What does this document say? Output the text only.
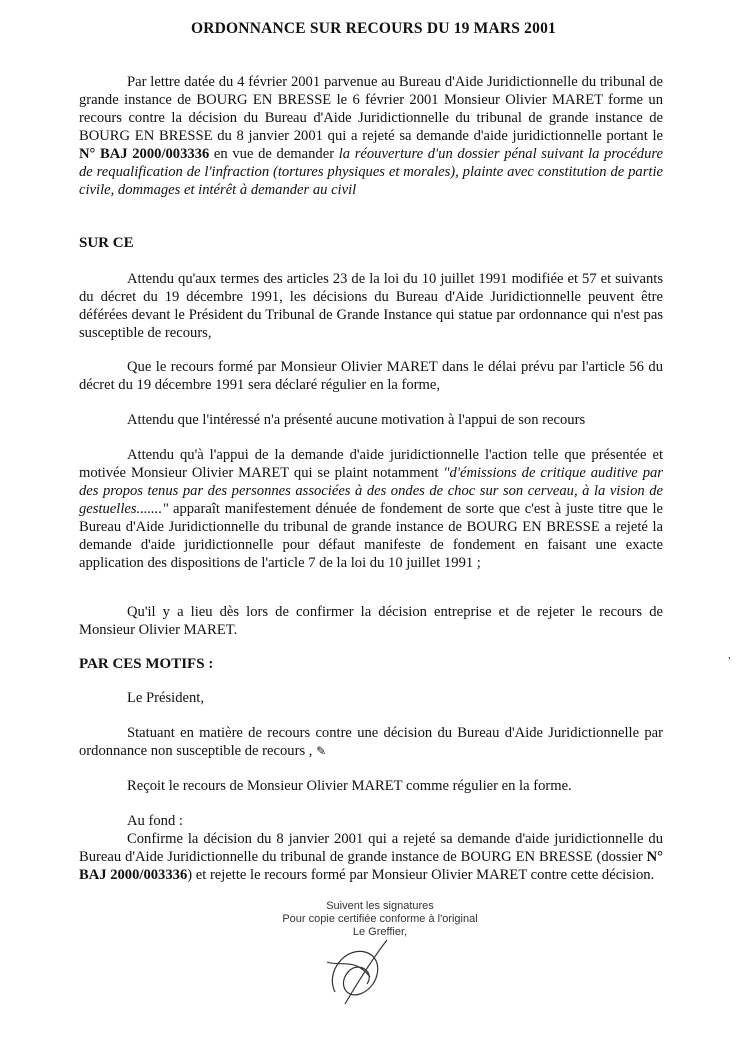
ORDONNANCE SUR RECOURS DU 19 MARS 2001

Par lettre datée du 4 février 2001 parvenue au Bureau d'Aide Juridictionnelle du tribunal de grande instance de BOURG EN BRESSE le 6 février 2001 Monsieur Olivier MARET forme un recours contre la décision du Bureau d'Aide Juridictionnelle du tribunal de grande instance de BOURG EN BRESSE du 8 janvier 2001 qui a rejeté sa demande d'aide juridictionnelle portant le N° BAJ 2000/003336 en vue de demander la réouverture d'un dossier pénal suivant la procédure de requalification de l'infraction (tortures physiques et morales), plainte avec constitution de partie civile, dommages et intérêt à demander au civil

SUR CE

Attendu qu'aux termes des articles 23 de la loi du 10 juillet 1991 modifiée et 57 et suivants du décret du 19 décembre 1991, les décisions du Bureau d'Aide Juridictionnelle peuvent être déférées devant le Président du Tribunal de Grande Instance qui statue par ordonnance qui n'est pas susceptible de recours,

Que le recours formé par Monsieur Olivier MARET dans le délai prévu par l'article 56 du décret du 19 décembre 1991 sera déclaré régulier en la forme,

Attendu que l'intéressé n'a présenté aucune motivation à l'appui de son recours

Attendu qu'à l'appui de la demande d'aide juridictionnelle l'action telle que présentée et motivée Monsieur Olivier MARET qui se plaint notamment "d'émissions de critique auditive par des propos tenus par des personnes associées à des ondes de choc sur son cerveau, à la vision de gestuelles......." apparaît manifestement dénuée de fondement de sorte que c'est à juste titre que le Bureau d'Aide Juridictionnelle du tribunal de grande instance de BOURG EN BRESSE a rejeté la demande d'aide juridictionnelle pour défaut manifeste de fondement en faisant une exacte application des dispositions de l'article 7 de la loi du 10 juillet 1991 ;

Qu'il y a lieu dès lors de confirmer la décision entreprise et de rejeter le recours de Monsieur Olivier MARET.

PAR CES MOTIFS :

Le Président,

Statuant en matière de recours contre une décision du Bureau d'Aide Juridictionnelle par ordonnance non susceptible de recours , ✎

Reçoit le recours de Monsieur Olivier MARET comme régulier en la forme.

Au fond :

Confirme la décision du 8 janvier 2001 qui a rejeté sa demande d'aide juridictionnelle du Bureau d'Aide Juridictionnelle du tribunal de grande instance de BOURG EN BRESSE (dossier N° BAJ 2000/003336) et rejette le recours formé par Monsieur Olivier MARET contre cette décision.

Suivent les signatures
Pour copie certifiée conforme à l'original
Le Greffier,
,
